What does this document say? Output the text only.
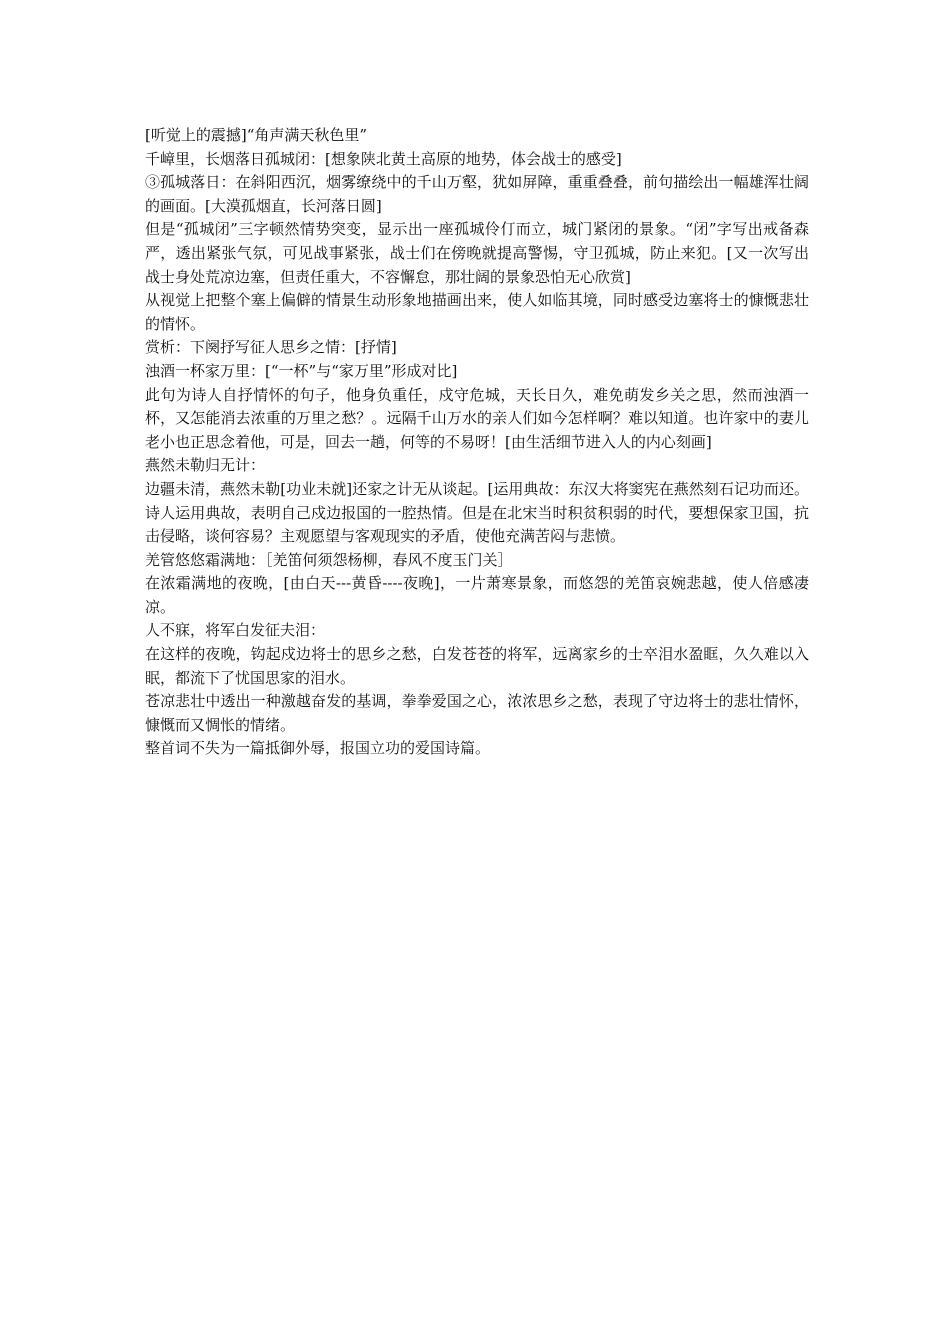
[听觉上的震撼]“角声满天秋色里”

千嶂里，长烟落日孤城闭：[想象陕北黄土高原的地势，体会战士的感受]

③孤城落日：在斜阳西沉，烟雾缭绕中的千山万壑，犹如屏障，重重叠叠，前句描绘出一幅雄浑壮阔的画面。[大漠孤烟直，长河落日圆]

但是“孤城闭”三字顿然情势突变，显示出一座孤城伶仃而立，城门紧闭的景象。“闭”字写出戒备森严，透出紧张气氛，可见战事紧张，战士们在傍晚就提高警惕，守卫孤城，防止来犯。[又一次写出战士身处荒凉边塞，但责任重大，不容懈怠，那壮阔的景象恐怕无心欣赏]

从视觉上把整个塞上偏僻的情景生动形象地描画出来，使人如临其境，同时感受边塞将士的慷慨悲壮的情怀。

赏析：下阕抒写征人思乡之情：[抒情]

浊酒一杯家万里：[“一杯”与“家万里”形成对比]

此句为诗人自抒情怀的句子，他身负重任，戍守危城，天长日久，难免萌发乡关之思，然而浊酒一杯，又怎能消去浓重的万里之愁？。远隔千山万水的亲人们如今怎样啊？难以知道。也许家中的妻儿老小也正思念着他，可是，回去一趟，何等的不易呀！[由生活细节进入人的内心刻画]

燕然未勒归无计：

边疆未清，燕然未勒[功业未就]还家之计无从谈起。[运用典故：东汉大将窦宪在燕然刻石记功而还。诗人运用典故，表明自己戍边报国的一腔热情。但是在北宋当时积贫积弱的时代，要想保家卫国，抗击侵略，谈何容易？主观愿望与客观现实的矛盾，使他充满苦闷与悲愤。

羌管悠悠霜满地：［羌笛何须怨杨柳，春风不度玉门关］

在浓霜满地的夜晚，[由白天---黄昏----夜晚]，一片萧寒景象，而悠怨的羌笛哀婉悲越，使人倍感凄凉。

人不寐，将军白发征夫泪：

在这样的夜晚，钩起戍边将士的思乡之愁，白发苍苍的将军，远离家乡的士卒泪水盈眶，久久难以入眠，都流下了忧国思家的泪水。

苍凉悲壮中透出一种激越奋发的基调，拳拳爱国之心，浓浓思乡之愁，表现了守边将士的悲壮情怀，慷慨而又惆怅的情绪。

整首词不失为一篇抵御外辱，报国立功的爱国诗篇。
